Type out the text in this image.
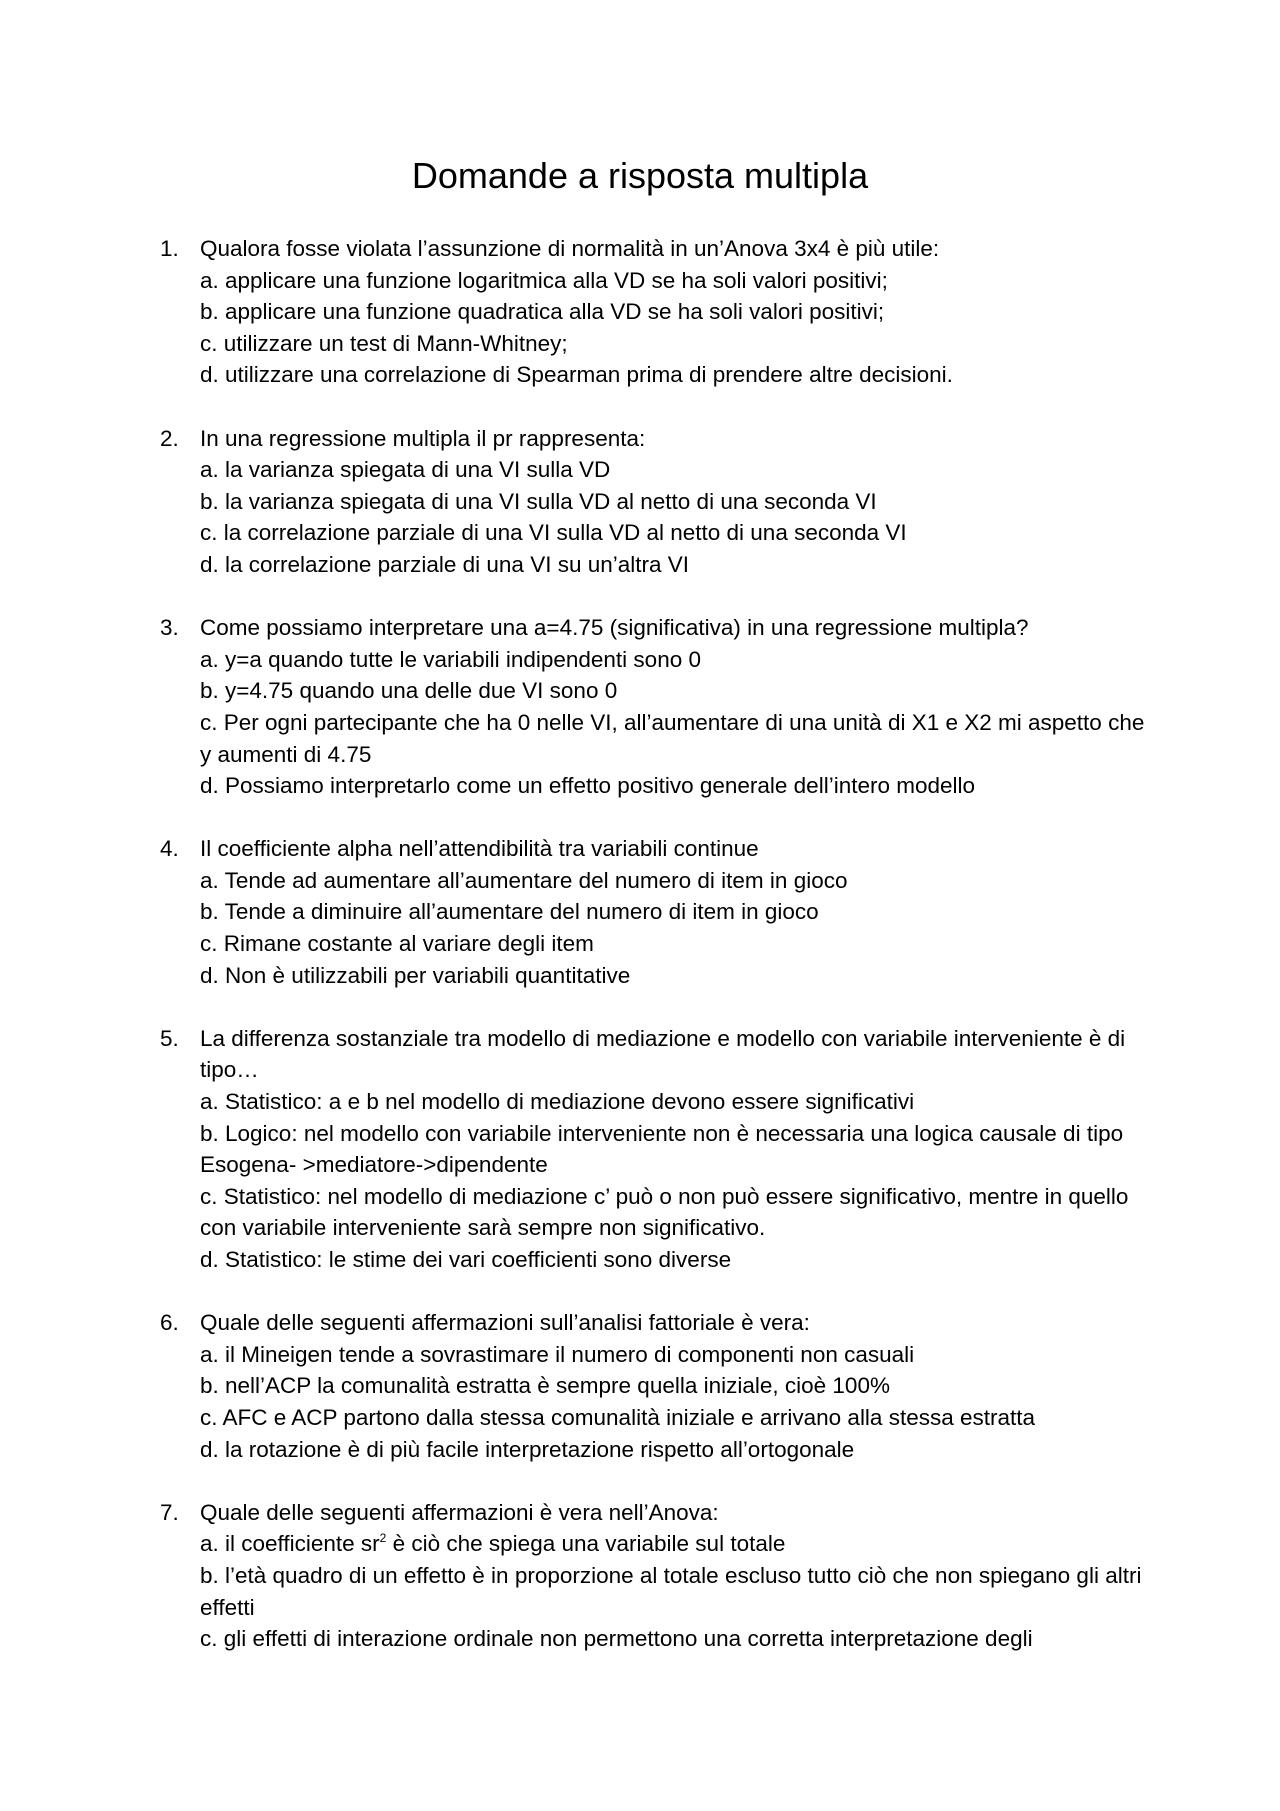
Domande a risposta multipla
1. Qualora fosse violata l’assunzione di normalità in un’Anova 3x4 è più utile:
a. applicare una funzione logaritmica alla VD se ha soli valori positivi;
b. applicare una funzione quadratica alla VD se ha soli valori positivi;
c. utilizzare un test di Mann-Whitney;
d. utilizzare una correlazione di Spearman prima di prendere altre decisioni.
2. In una regressione multipla il pr rappresenta:
a. la varianza spiegata di una VI sulla VD
b. la varianza spiegata di una VI sulla VD al netto di una seconda VI
c. la correlazione parziale di una VI sulla VD al netto di una seconda VI
d. la correlazione parziale di una VI su un’altra VI
3. Come possiamo interpretare una a=4.75 (significativa) in una regressione multipla?
a. y=a quando tutte le variabili indipendenti sono 0
b. y=4.75 quando una delle due VI sono 0
c. Per ogni partecipante che ha 0 nelle VI, all’aumentare di una unità di X1 e X2 mi aspetto che y aumenti di 4.75
d. Possiamo interpretarlo come un effetto positivo generale dell’intero modello
4. Il coefficiente alpha nell’attendibilità tra variabili continue
a. Tende ad aumentare all’aumentare del numero di item in gioco
b. Tende a diminuire all’aumentare del numero di item in gioco
c. Rimane costante al variare degli item
d. Non è utilizzabili per variabili quantitative
5. La differenza sostanziale tra modello di mediazione e modello con variabile interveniente è di tipo…
a. Statistico: a e b nel modello di mediazione devono essere significativi
b. Logico: nel modello con variabile interveniente non è necessaria una logica causale di tipo Esogena- >mediatore->dipendente
c. Statistico: nel modello di mediazione c’ può o non può essere significativo, mentre in quello con variabile interveniente sarà sempre non significativo.
d. Statistico: le stime dei vari coefficienti sono diverse
6. Quale delle seguenti affermazioni sull’analisi fattoriale è vera:
a. il Mineigen tende a sovrastimare il numero di componenti non casuali
b. nell’ACP la comunalità estratta è sempre quella iniziale, cioè 100%
c. AFC e ACP partono dalla stessa comunalità iniziale e arrivano alla stessa estratta
d. la rotazione è di più facile interpretazione rispetto all’ortogonale
7. Quale delle seguenti affermazioni è vera nell’Anova:
a. il coefficiente $sr^2$ è ciò che spiega una variabile sul totale
b. l’età quadro di un effetto è in proporzione al totale escluso tutto ciò che non spiegano gli altri effetti
c. gli effetti di interazione ordinale non permettono una corretta interpretazione degli
